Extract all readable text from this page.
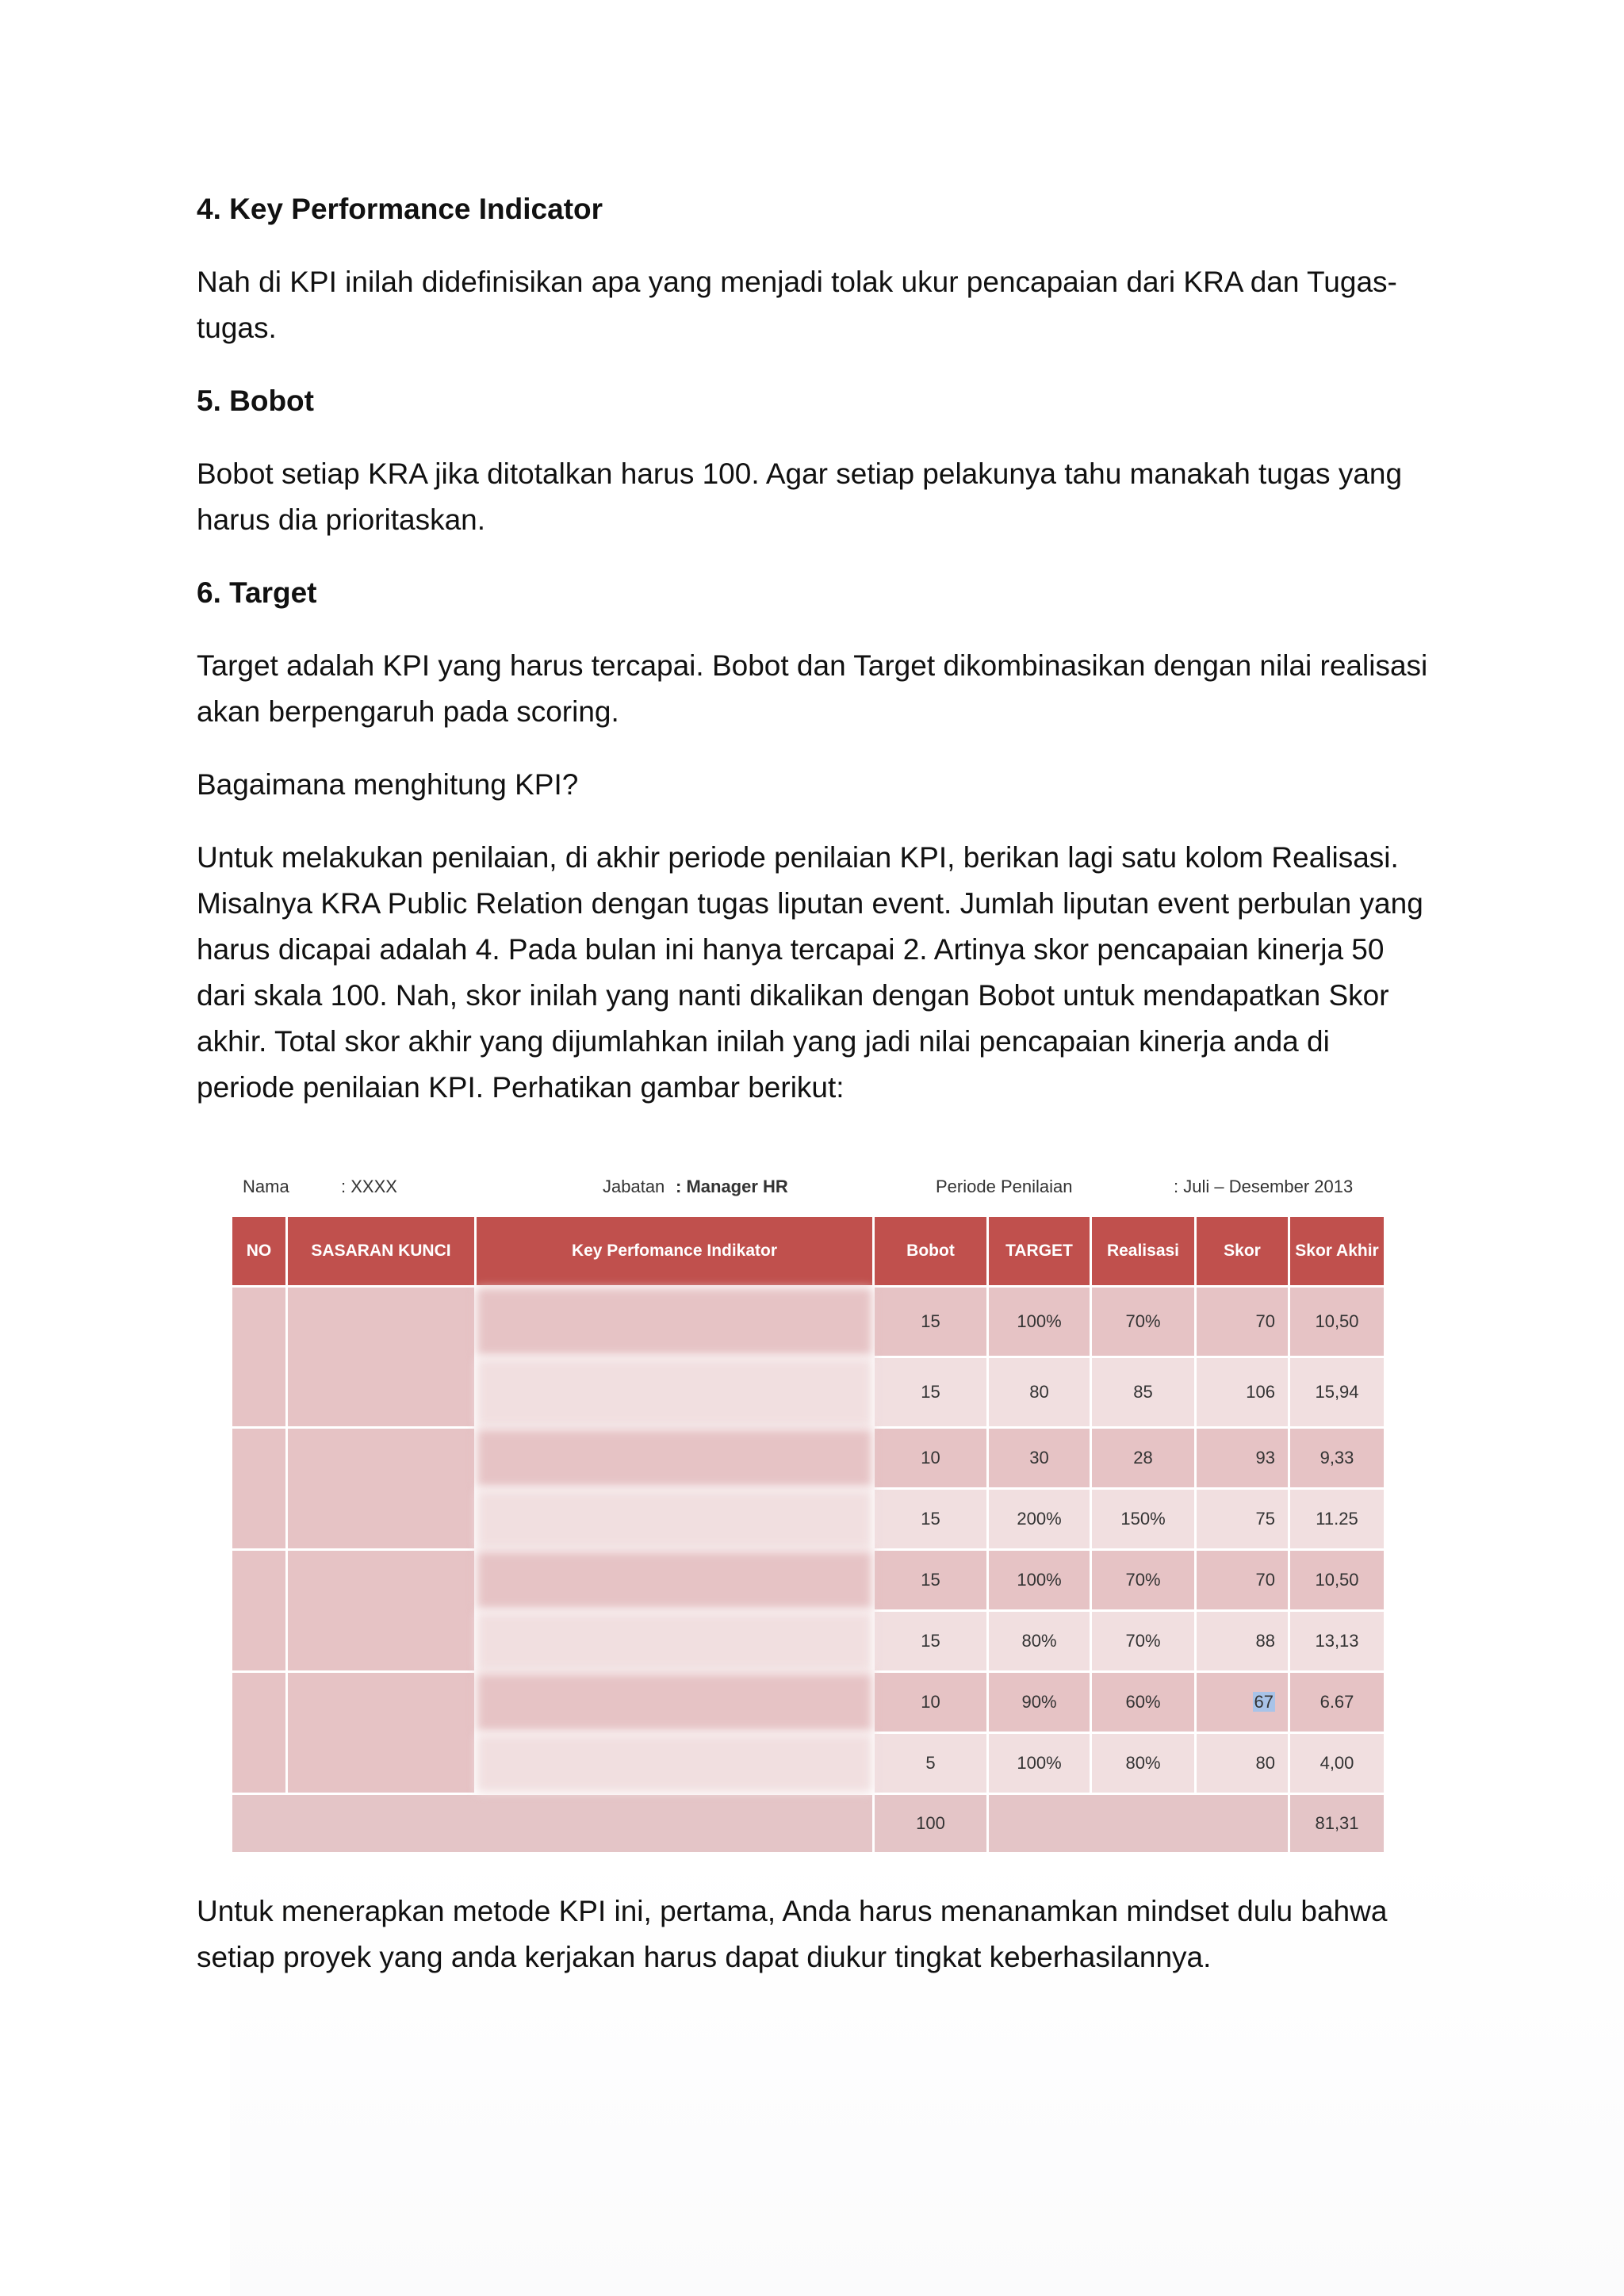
4. Key Performance Indicator
Nah di KPI inilah didefinisikan apa yang menjadi tolak ukur pencapaian dari KRA dan Tugas-tugas.
5. Bobot
Bobot setiap KRA jika ditotalkan harus 100. Agar setiap pelakunya tahu manakah tugas yang harus dia prioritaskan.
6. Target
Target adalah KPI yang harus tercapai. Bobot dan Target dikombinasikan dengan nilai realisasi akan berpengaruh pada scoring.
Bagaimana menghitung KPI?
Untuk melakukan penilaian, di akhir periode penilaian KPI, berikan lagi satu kolom Realisasi. Misalnya KRA Public Relation dengan tugas liputan event. Jumlah liputan event perbulan yang harus dicapai adalah 4. Pada bulan ini hanya tercapai 2. Artinya skor pencapaian kinerja 50 dari skala 100. Nah, skor inilah yang nanti dikalikan dengan Bobot untuk mendapatkan Skor akhir. Total skor akhir yang dijumlahkan inilah yang jadi nilai pencapaian kinerja anda di periode penilaian KPI. Perhatikan gambar berikut:
Nama	: XXXX	Jabatan : Manager HR	Periode Penilaian	: Juli – Desember 2013
NO	SASARAN KUNCI	Key Perfomance Indikator	Bobot	TARGET	Realisasi	Skor	Skor Akhir
			15	100%	70%	70	10,50
			15	80	85	106	15,94
			10	30	28	93	9,33
			15	200%	150%	75	11.25
			15	100%	70%	70	10,50
			15	80%	70%	88	13,13
			10	90%	60%	67	6.67
			5	100%	80%	80	4,00
			100				81,31
Untuk menerapkan metode KPI ini, pertama, Anda harus menanamkan mindset dulu bahwa setiap proyek yang anda kerjakan harus dapat diukur tingkat keberhasilannya.
